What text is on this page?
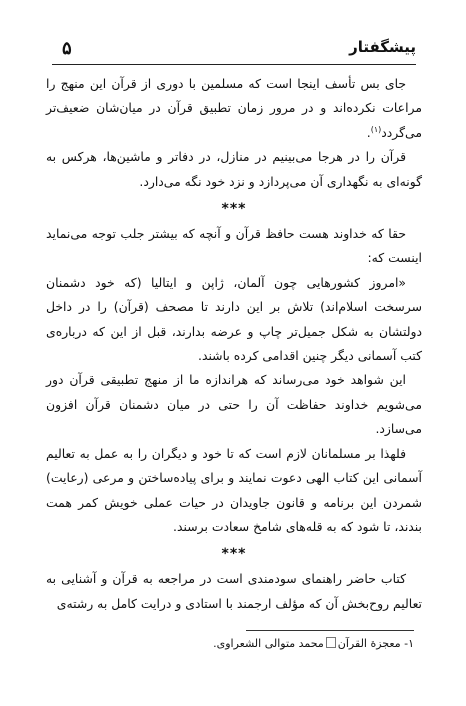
۵	پیشگفتار

جای بس تأسف اینجا است که مسلمین با دوری از قرآن این منهج را مراعات نکرده‌اند و در مرور زمان تطبیق قرآن در میان‌شان ضعیف‌تر می‌گردد$^{(۱)}$.

قرآن را در هرجا می‌بینیم در منازل، در دفاتر و ماشین‌ها، هرکس به گونه‌ای به نگهداری آن می‌پردازد و نزد خود نگه می‌دارد.

***

حقا که خداوند هست حافظ قرآن و آنچه که بیشتر جلب توجه می‌نماید اینست که:

«امروز کشورهایی چون آلمان، ژاپن و ایتالیا (که خود دشمنان سرسخت اسلام‌اند) تلاش بر این دارند تا مصحف (قرآن) را در داخل دولتشان به شکل جمیل‌تر چاپ و عرضه بدارند، قبل از این که درباره‌ی کتب آسمانی دیگر چنین اقدامی کرده باشند.

این شواهد خود می‌رساند که هراندازه ما از منهج تطبیقی قرآن دور می‌شویم خداوند حفاظت آن را حتی در میان دشمنان قرآن افزون می‌سازد.

فلهذا بر مسلمانان لازم است که تا خود و دیگران را به عمل به تعالیم آسمانی این کتاب الهی دعوت نمایند و برای پیاده‌ساختن و مرعی (رعایت) شمردن این برنامه و قانون جاویدان در حیات عملی خویش کمر همت بندند، تا شود که به قله‌های شامخ سعادت برسند.

***

کتاب حاضر راهنمای سودمندی است در مراجعه به قرآن و آشنایی به تعالیم روح‌بخش آن که مؤلف ارجمند با استادی و درایت کامل به رشته‌ی

۱- معجزة القرآنمحمد متوالی الشعراوی.
